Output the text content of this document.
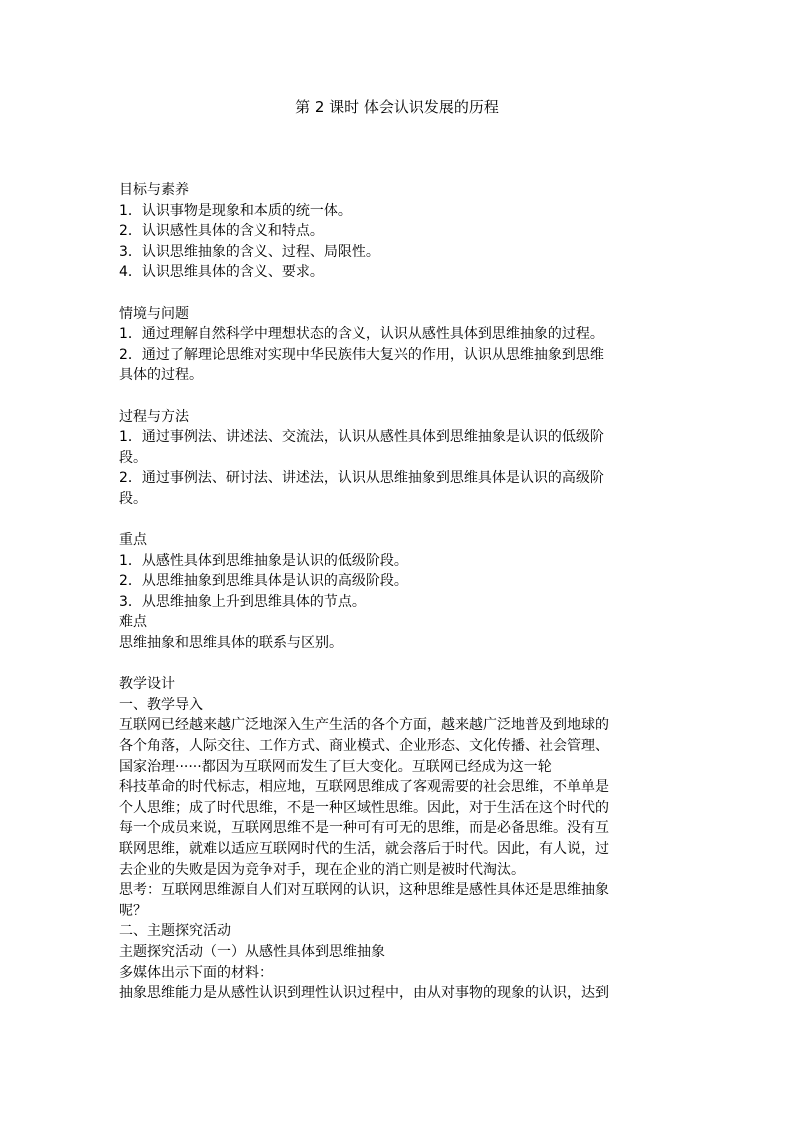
第 2 课时 体会认识发展的历程
目标与素养
1．认识事物是现象和本质的统一体。
2．认识感性具体的含义和特点。
3．认识思维抽象的含义、过程、局限性。
4．认识思维具体的含义、要求。
情境与问题
1．通过理解自然科学中理想状态的含义，认识从感性具体到思维抽象的过程。
2．通过了解理论思维对实现中华民族伟大复兴的作用，认识从思维抽象到思维
具体的过程。
过程与方法
1．通过事例法、讲述法、交流法，认识从感性具体到思维抽象是认识的低级阶
段。
2．通过事例法、研讨法、讲述法，认识从思维抽象到思维具体是认识的高级阶
段。
重点
1．从感性具体到思维抽象是认识的低级阶段。
2．从思维抽象到思维具体是认识的高级阶段。
3．从思维抽象上升到思维具体的节点。
难点
思维抽象和思维具体的联系与区别。
教学设计
一、教学导入
互联网已经越来越广泛地深入生产生活的各个方面，越来越广泛地普及到地球的
各个角落，人际交往、工作方式、商业模式、企业形态、文化传播、社会管理、
国家治理······都因为互联网而发生了巨大变化。互联网已经成为这一轮
科技革命的时代标志，相应地，互联网思维成了客观需要的社会思维，不单单是
个人思维；成了时代思维，不是一种区域性思维。因此，对于生活在这个时代的
每一个成员来说，互联网思维不是一种可有可无的思维，而是必备思维。没有互
联网思维，就难以适应互联网时代的生活，就会落后于时代。因此，有人说，过
去企业的失败是因为竞争对手，现在企业的消亡则是被时代淘汰。
思考：互联网思维源自人们对互联网的认识，这种思维是感性具体还是思维抽象
呢？
二、主题探究活动
主题探究活动（一）从感性具体到思维抽象
多媒体出示下面的材料：
抽象思维能力是从感性认识到理性认识过程中，由从对事物的现象的认识，达到
